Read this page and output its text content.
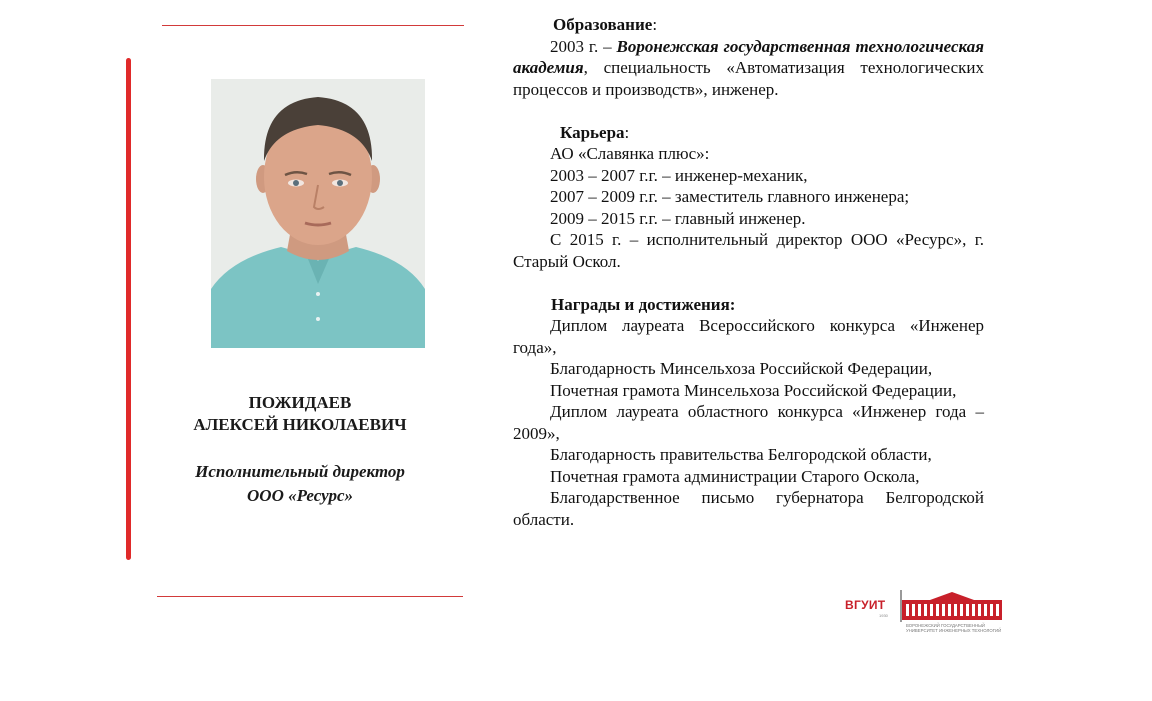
ПОЖИДАЕВ
АЛЕКСЕЙ НИКОЛАЕВИЧ
Исполнительный директор
ООО «Ресурс»

Образование:

2003 г. – Воронежская государственная технологическая академия, специальность «Автоматизация технологических процессов и производств», инженер.

Карьера:

АО «Славянка плюс»:

2003 – 2007 г.г. – инженер-механик,

2007 – 2009 г.г. – заместитель главного инженера;

2009 – 2015 г.г. – главный инженер.

С 2015 г. – исполнительный директор ООО «Ресурс», г. Старый Оскол.

Награды и достижения:

Диплом лауреата Всероссийского конкурса «Инженер года»,

Благодарность Минсельхоза Российской Федерации,

Почетная грамота Минсельхоза Российской Федерации,

Диплом лауреата областного конкурса «Инженер года – 2009»,

Благодарность правительства Белгородской области,

Почетная грамота администрации Старого Оскола,

Благодарственное письмо губернатора Белгородской области.

ВГУИТ
1930
ВОРОНЕЖСКИЙ ГОСУДАРСТВЕННЫЙ УНИВЕРСИТЕТ ИНЖЕНЕРНЫХ ТЕХНОЛОГИЙ
